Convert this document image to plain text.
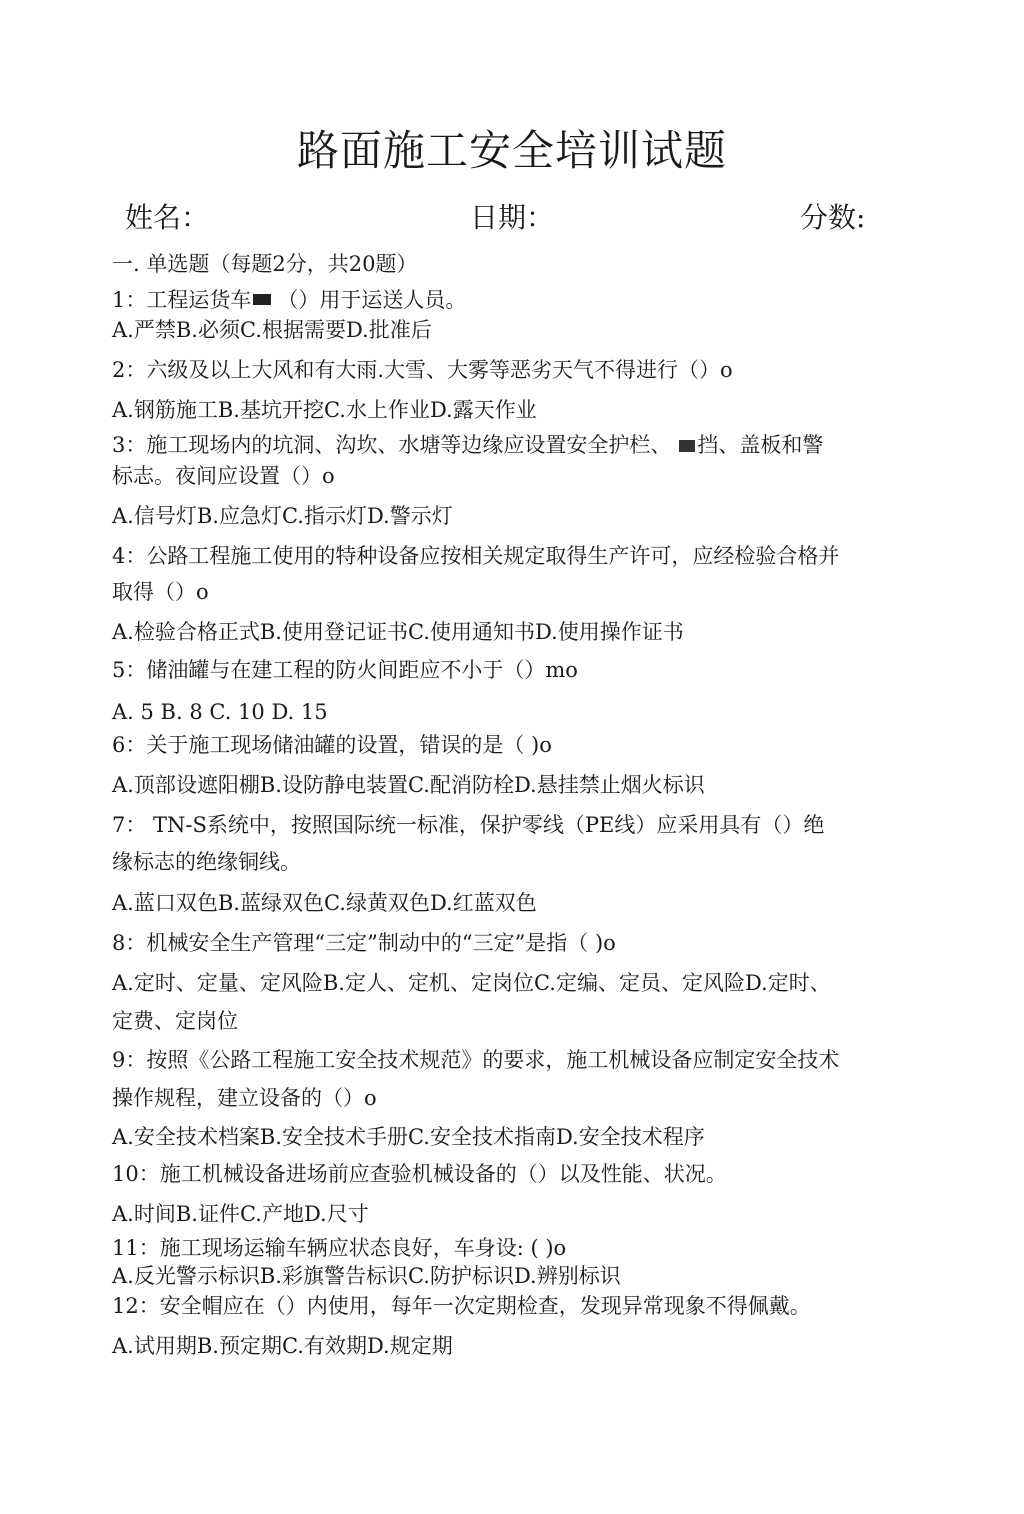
路面施工安全培训试题
姓名：	日期：	分数:
一. 单选题（每题2分，共20题）
1：工程运货车 （）用于运送人员。
A.严禁B.必须C.根据需要D.批准后
2：六级及以上大风和有大雨.大雪、大雾等恶劣天气不得进行（）o
A.钢筋施工B.基坑开挖C.水上作业D.露天作业
3：施工现场内的坑洞、沟坎、水塘等边缘应设置安全护栏、 挡、盖板和警
标志。夜间应设置（）o
A.信号灯B.应急灯C.指示灯D.警示灯
4：公路工程施工使用的特种设备应按相关规定取得生产许可，应经检验合格并
取得（）o
A.检验合格正式B.使用登记证书C.使用通知书D.使用操作证书
5：储油罐与在建工程的防火间距应不小于（）mo
A. 5 B. 8 C. 10 D. 15
6：关于施工现场储油罐的设置，错误的是（ )o
A.顶部设遮阳棚B.设防静电装置C.配消防栓D.悬挂禁止烟火标识
7： TN-S系统中，按照国际统一标准，保护零线（PE线）应采用具有（）绝
缘标志的绝缘铜线。
A.蓝口双色B.蓝绿双色C.绿黄双色D.红蓝双色
8：机械安全生产管理“三定”制动中的“三定”是指（ )o
A.定时、定量、定风险B.定人、定机、定岗位C.定编、定员、定风险D.定时、
定费、定岗位
9：按照《公路工程施工安全技术规范》的要求，施工机械设备应制定安全技术
操作规程，建立设备的（）o
A.安全技术档案B.安全技术手册C.安全技术指南D.安全技术程序
10：施工机械设备进场前应查验机械设备的（）以及性能、状况。
A.时间B.证件C.产地D.尺寸
11：施工现场运输车辆应状态良好，车身设: ( )o
A.反光警示标识B.彩旗警告标识C.防护标识D.辨别标识
12：安全帽应在（）内使用，每年一次定期检查，发现异常现象不得佩戴。
A.试用期B.预定期C.有效期D.规定期
